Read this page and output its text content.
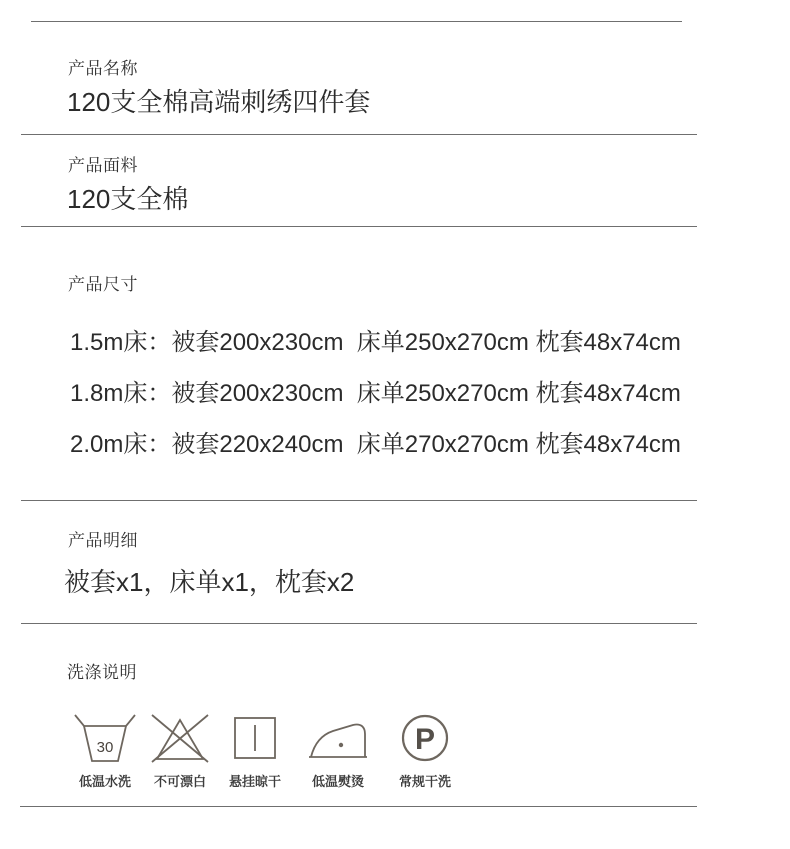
产品名称
120支全棉高端刺绣四件套
产品面料
120支全棉
产品尺寸
1.5m床：被套200x230cm  床单250x270cm 枕套48x74cm
1.8m床：被套200x230cm  床单250x270cm 枕套48x74cm
2.0m床：被套220x240cm  床单270x270cm 枕套48x74cm
产品明细
被套x1，床单x1，枕套x2
洗涤说明
30
低温水洗	不可漂白	悬挂晾干	低温熨烫
P
常规干洗
